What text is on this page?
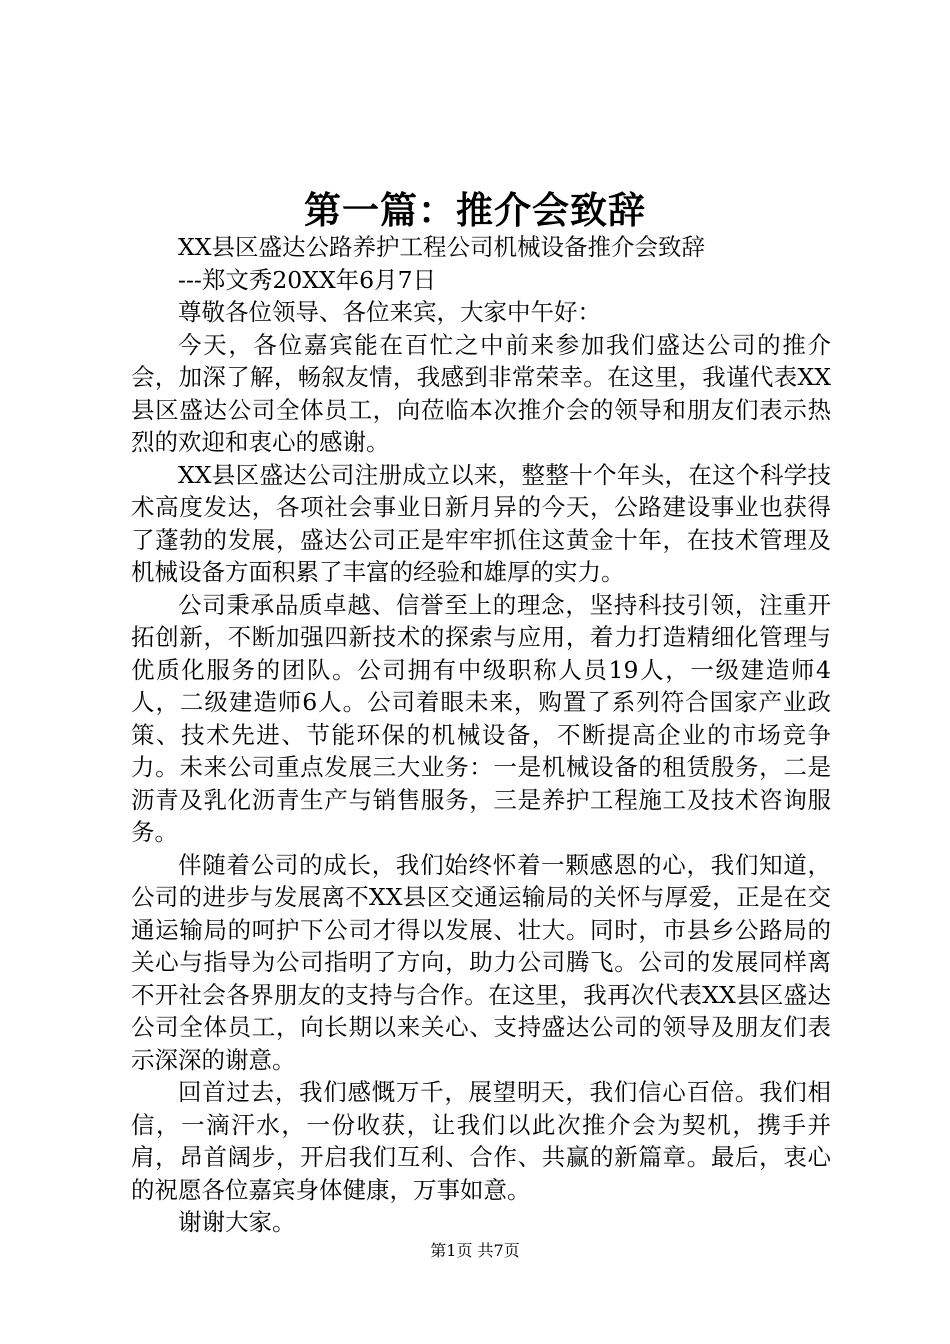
第一篇：推介会致辞

XX县区盛达公路养护工程公司机械设备推介会致辞

---郑文秀20XX年6月7日

尊敬各位领导、各位来宾，大家中午好：

今天，各位嘉宾能在百忙之中前来参加我们盛达公司的推介会，加深了解，畅叙友情，我感到非常荣幸。在这里，我谨代表XX县区盛达公司全体员工，向莅临本次推介会的领导和朋友们表示热烈的欢迎和衷心的感谢。

XX县区盛达公司注册成立以来，整整十个年头，在这个科学技术高度发达，各项社会事业日新月异的今天，公路建设事业也获得了蓬勃的发展，盛达公司正是牢牢抓住这黄金十年，在技术管理及机械设备方面积累了丰富的经验和雄厚的实力。

公司秉承品质卓越、信誉至上的理念，坚持科技引领，注重开拓创新，不断加强四新技术的探索与应用，着力打造精细化管理与优质化服务的团队。公司拥有中级职称人员19人，一级建造师4人，二级建造师6人。公司着眼未来，购置了系列符合国家产业政策、技术先进、节能环保的机械设备，不断提高企业的市场竞争力。未来公司重点发展三大业务：一是机械设备的租赁殷务，二是沥青及乳化沥青生产与销售服务，三是养护工程施工及技术咨询服务。

伴随着公司的成长，我们始终怀着一颗感恩的心，我们知道，公司的进步与发展离不XX县区交通运输局的关怀与厚爱，正是在交通运输局的呵护下公司才得以发展、壮大。同时，市县乡公路局的关心与指导为公司指明了方向，助力公司腾飞。公司的发展同样离不开社会各界朋友的支持与合作。在这里，我再次代表XX县区盛达公司全体员工，向长期以来关心、支持盛达公司的领导及朋友们表示深深的谢意。

回首过去，我们感慨万千，展望明天，我们信心百倍。我们相信，一滴汗水，一份收获，让我们以此次推介会为契机，携手并肩，昂首阔步，开启我们互利、合作、共赢的新篇章。最后，衷心的祝愿各位嘉宾身体健康，万事如意。

谢谢大家。

第1页 共7页
